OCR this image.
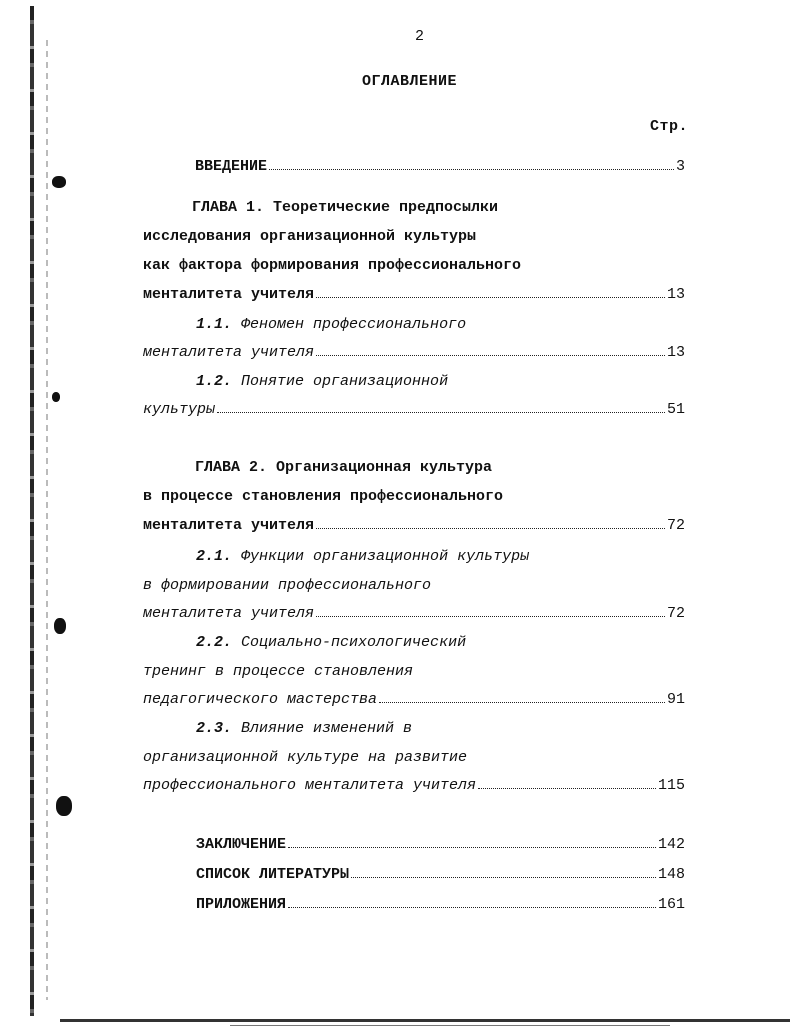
2
ОГЛАВЛЕНИЕ
Стр.
ВВЕДЕНИЕ	3
ГЛАВА 1. Теоретические предпосылки
исследования организационной культуры
как фактора формирования профессионального
менталитета учителя	13
1.1. Феномен профессионального
менталитета учителя	13
1.2. Понятие организационной
культуры	51
ГЛАВА 2. Организационная культура
в процессе становления профессионального
менталитета учителя	72
2.1. Функции организационной культуры
в формировании профессионального
менталитета учителя	72
2.2. Социально-психологический
тренинг в процессе становления
педагогического мастерства	91
2.3. Влияние изменений в
организационной культуре на развитие
профессионального менталитета учителя	115
ЗАКЛЮЧЕНИЕ	142
СПИСОК ЛИТЕРАТУРЫ	148
ПРИЛОЖЕНИЯ	161
